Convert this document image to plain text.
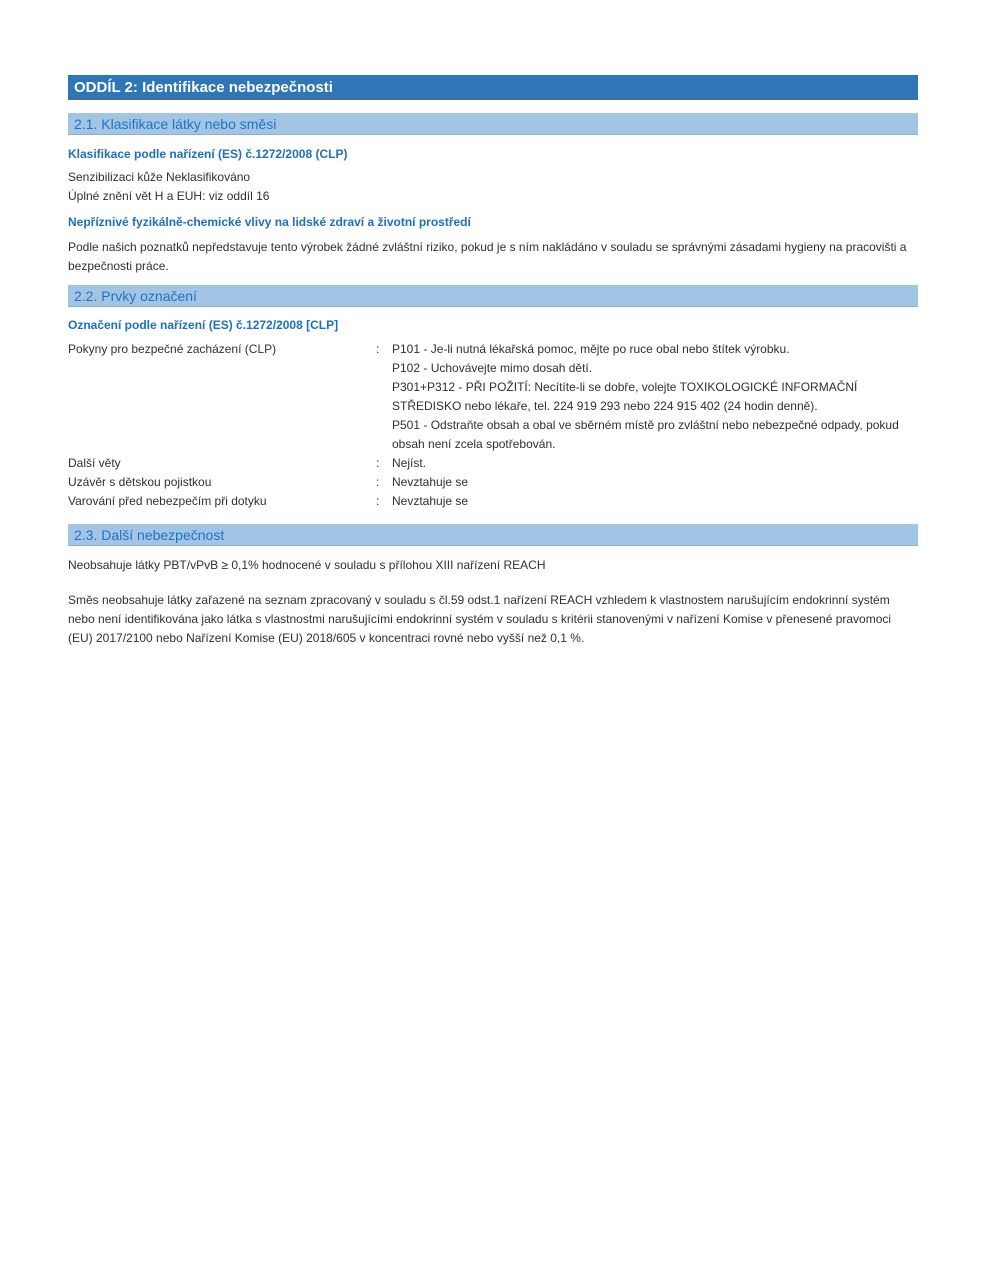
ODDÍL 2: Identifikace nebezpečnosti
2.1. Klasifikace látky nebo směsi
Klasifikace podle nařízení (ES) č.1272/2008 (CLP)

Senzibilizaci kůže Neklasifikováno

Úplné znění vět H a EUH: viz oddíl 16

Nepříznivé fyzikálně-chemické vlivy na lidské zdraví a životní prostředí

Podle našich poznatků nepředstavuje tento výrobek žádné zvláštní riziko, pokud je s ním nakládáno v souladu se správnými zásadami hygieny na pracovišti a bezpečnosti práce.

2.2. Prvky označení
Označení podle nařízení (ES) č.1272/2008 [CLP]
Pokyny pro bezpečné zacházení (CLP)	:	P101 - Je-li nutná lékařská pomoc, mějte po ruce obal nebo štítek výrobku.
P102 - Uchovávejte mimo dosah dětí.
P301+P312 - PŘI POŽITÍ: Necítíte-li se dobře, volejte TOXIKOLOGICKÉ INFORMAČNÍ STŘEDISKO nebo lékaře, tel. 224 919 293 nebo 224 915 402 (24 hodin denně).
P501 - Odstraňte obsah a obal ve sběrném místě pro zvláštní nebo nebezpečné odpady, pokud obsah není zcela spotřebován.
Další věty	:	Nejíst.
Uzávěr s dětskou pojistkou	:	Nevztahuje se
Varování před nebezpečím při dotyku	:	Nevztahuje se
2.3. Další nebezpečnost

Neobsahuje látky PBT/vPvB ≥ 0,1% hodnocené v souladu s přílohou XIII nařízení REACH

Směs neobsahuje látky zařazené na seznam zpracovaný v souladu s čl.59 odst.1 nařízení REACH vzhledem k vlastnostem narušujícím endokrinní systém nebo není identifikována jako látka s vlastnostmi narušujícími endokrinní systém v souladu s kritérii stanovenými v nařízení Komise v přenesené pravomoci (EU) 2017/2100 nebo Nařízení Komise (EU) 2018/605 v koncentraci rovné nebo vyšší než 0,1 %.
